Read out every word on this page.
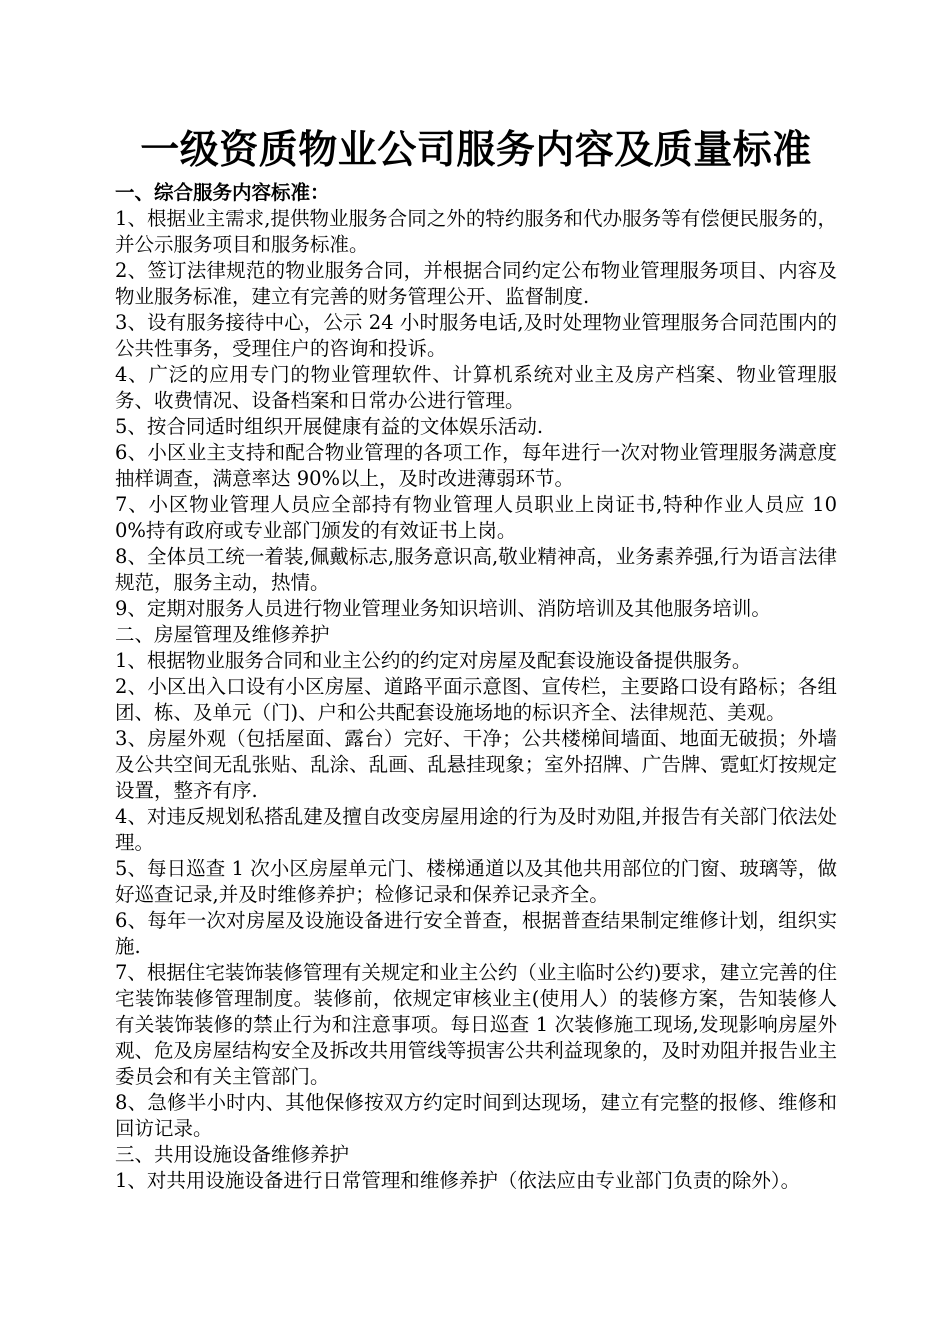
一级资质物业公司服务内容及质量标准

一、综合服务内容标准：

1、根据业主需求,提供物业服务合同之外的特约服务和代办服务等有偿便民服务的，并公示服务项目和服务标准。

2、签订法律规范的物业服务合同，并根据合同约定公布物业管理服务项目、内容及物业服务标准，建立有完善的财务管理公开、监督制度.

3、设有服务接待中心，公示 24 小时服务电话,及时处理物业管理服务合同范围内的公共性事务，受理住户的咨询和投诉。

4、广泛的应用专门的物业管理软件、计算机系统对业主及房产档案、物业管理服务、收费情况、设备档案和日常办公进行管理。

5、按合同适时组织开展健康有益的文体娱乐活动.

6、小区业主支持和配合物业管理的各项工作，每年进行一次对物业管理服务满意度抽样调查，满意率达 90%以上，及时改进薄弱环节。

7、小区物业管理人员应全部持有物业管理人员职业上岗证书,特种作业人员应 100%持有政府或专业部门颁发的有效证书上岗。

8、全体员工统一着装,佩戴标志,服务意识高,敬业精神高，业务素养强,行为语言法律规范，服务主动，热情。

9、定期对服务人员进行物业管理业务知识培训、消防培训及其他服务培训。

二、房屋管理及维修养护

1、根据物业服务合同和业主公约的约定对房屋及配套设施设备提供服务。

2、小区出入口设有小区房屋、道路平面示意图、宣传栏，主要路口设有路标；各组团、栋、及单元（门)、户和公共配套设施场地的标识齐全、法律规范、美观。

3、房屋外观（包括屋面、露台）完好、干净；公共楼梯间墙面、地面无破损；外墙及公共空间无乱张贴、乱涂、乱画、乱悬挂现象；室外招牌、广告牌、霓虹灯按规定设置，整齐有序.

4、对违反规划私搭乱建及擅自改变房屋用途的行为及时劝阻,并报告有关部门依法处理。

5、每日巡查 1 次小区房屋单元门、楼梯通道以及其他共用部位的门窗、玻璃等，做好巡查记录,并及时维修养护；检修记录和保养记录齐全。

6、每年一次对房屋及设施设备进行安全普查，根据普查结果制定维修计划，组织实施.

7、根据住宅装饰装修管理有关规定和业主公约（业主临时公约)要求，建立完善的住宅装饰装修管理制度。装修前，依规定审核业主(使用人）的装修方案，告知装修人有关装饰装修的禁止行为和注意事项。每日巡查 1 次装修施工现场,发现影响房屋外观、危及房屋结构安全及拆改共用管线等损害公共利益现象的，及时劝阻并报告业主委员会和有关主管部门。

8、急修半小时内、其他保修按双方约定时间到达现场，建立有完整的报修、维修和回访记录。

三、共用设施设备维修养护

1、对共用设施设备进行日常管理和维修养护（依法应由专业部门负责的除外）。
